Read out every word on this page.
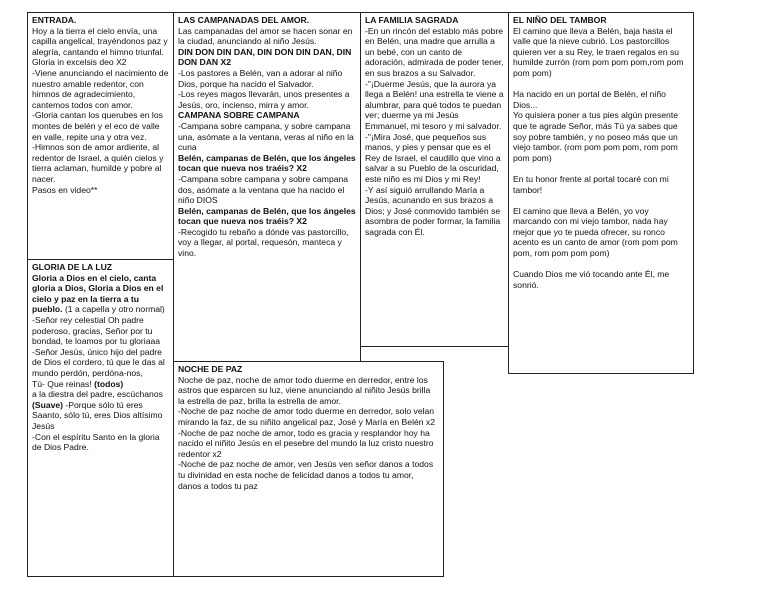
ENTRADA.
Hoy a la tierra el cielo envía, una capilla angelical, trayéndonos paz y alegría, cantando el himno triunfal.
Gloria in excelsis deo X2
-Viene anunciando el nacimiento de nuestro amable redentor, con himnos de agradecimiento, cantemos todos con amor.
-Gloria cantan los querubes en los montes de belén y el eco de valle en valle, repite una y otra vez.
-Himnos son de amor ardiente, al redentor de Israel, a quién cielos y tierra aclaman, humilde y pobre al nacer.
Pasos en video**
GLORIA DE LA LUZ
Gloria a Dios en el cielo, canta gloria a Dios, Gloria a Dios en el cielo y paz en la tierra a tu pueblo. (1 a capella y otro normal)
-Señor rey celestial Oh padre poderoso, gracias, Señor por tu bondad, te loamos por tu gloriaaa
-Señor Jesús, único hijo del padre de Dios el cordero, tú que le das al mundo perdón, perdóna-nos,
Tú- Que reinas! (todos)
a la diestra del padre, escúchanos
(Suave) -Porque sólo tú eres Saanto, sólo tú, eres Dios altísimo Jesús
-Con el espíritu Santo en la gloria de Dios Padre.
LAS CAMPANADAS DEL AMOR.
Las campanadas del amor se hacen sonar en la ciudad, anunciando al niño Jesús.
DIN DON DIN DAN, DIN DON DIN DAN, DIN DON DAN X2
-Los pastores a Belén, van a adorar al niño Dios, porque ha nacido el Salvador.
-Los reyes magos llevarán, unos presentes a Jesús, oro, incienso, mirra y amor.
CAMPANA SOBRE CAMPANA
-Campana sobre campana, y sobre campana una, asómate a la ventana, veras al niño en la cuna
Belén, campanas de Belén, que los ángeles tocan que nueva nos traéis? X2
-Campana sobre campana y sobre campana dos, asómate a la ventana que ha nacido el niño DIOS
Belén, campanas de Belén, que los ángeles tocan que nueva nos traéis? X2
-Recogido tu rebaño a dónde vas pastorcillo, voy a llegar, al portal, requesón, manteca y vino.
LA FAMILIA SAGRADA
-En un rincón del establo más pobre en Belén, una madre que arrulla a un bebé, con un canto de adoración, admirada de poder tener, en sus brazos a su Salvador.
-"¡Duerme Jesús, que la aurora ya llega a Belén! una estrella te viene a alumbrar, para qué todos te puedan ver; duerme ya mi Jesús Emmanuel, mi tesoro y mi salvador.
-"¡Mira José, que pequeños sus manos, y pies y pensar que es el Rey de Israel, el caudillo que vino a salvar a su Pueblo de la oscuridad, este niño es mi Dios y mi Rey!
-Y así siguió arrullando María a Jesús, acunando en sus brazos a Dios; y José conmovido también se asombra de poder formar, la familia sagrada con Él.
EL NIÑO DEL TAMBOR
El camino que lleva a Belén, baja hasta el valle que la nieve cubrió. Los pastorcillos quieren ver a su Rey, le traen regalos en su humilde zurrón (rom pom pom pom,rom pom pom pom)
Ha nacido en un portal de Belén, el niño Dios...
Yo quisiera poner a tus pies algún presente que te agrade Señor, más Tú ya sabes que soy pobre también, y no poseo más que un viejo tambor. (rom pom pom pom, rom pom pom pom)
En tu honor frente al portal tocaré con mi tambor!
El camino que lleva a Belén, yo voy marcando con mi viejo tambor, nada hay mejor que yo te pueda ofrecer, su ronco acento es un canto de amor (rom pom pom pom, rom pom pom pom)
Cuando Dios me vió tocando ante Él, me sonrió.
NOCHE DE PAZ
Noche de paz, noche de amor todo duerme en derredor, entre los astros que esparcen su luz, viene anunciando al niñito Jesús brilla la estrella de paz, brilla la estrella de amor.
-Noche de paz noche de amor todo duerme en derredor, solo velan mirando la faz, de su niñito angelical paz, José y María en Belén x2
-Noche de paz noche de amor, todo es gracia y resplandor hoy ha nacido el niñito Jesús en el pesebre del mundo la luz cristo nuestro redentor x2
-Noche de paz noche de amor, ven Jesús ven señor danos a todos tu divinidad en esta noche de felicidad danos a todos tu amor, danos a todos tu paz
